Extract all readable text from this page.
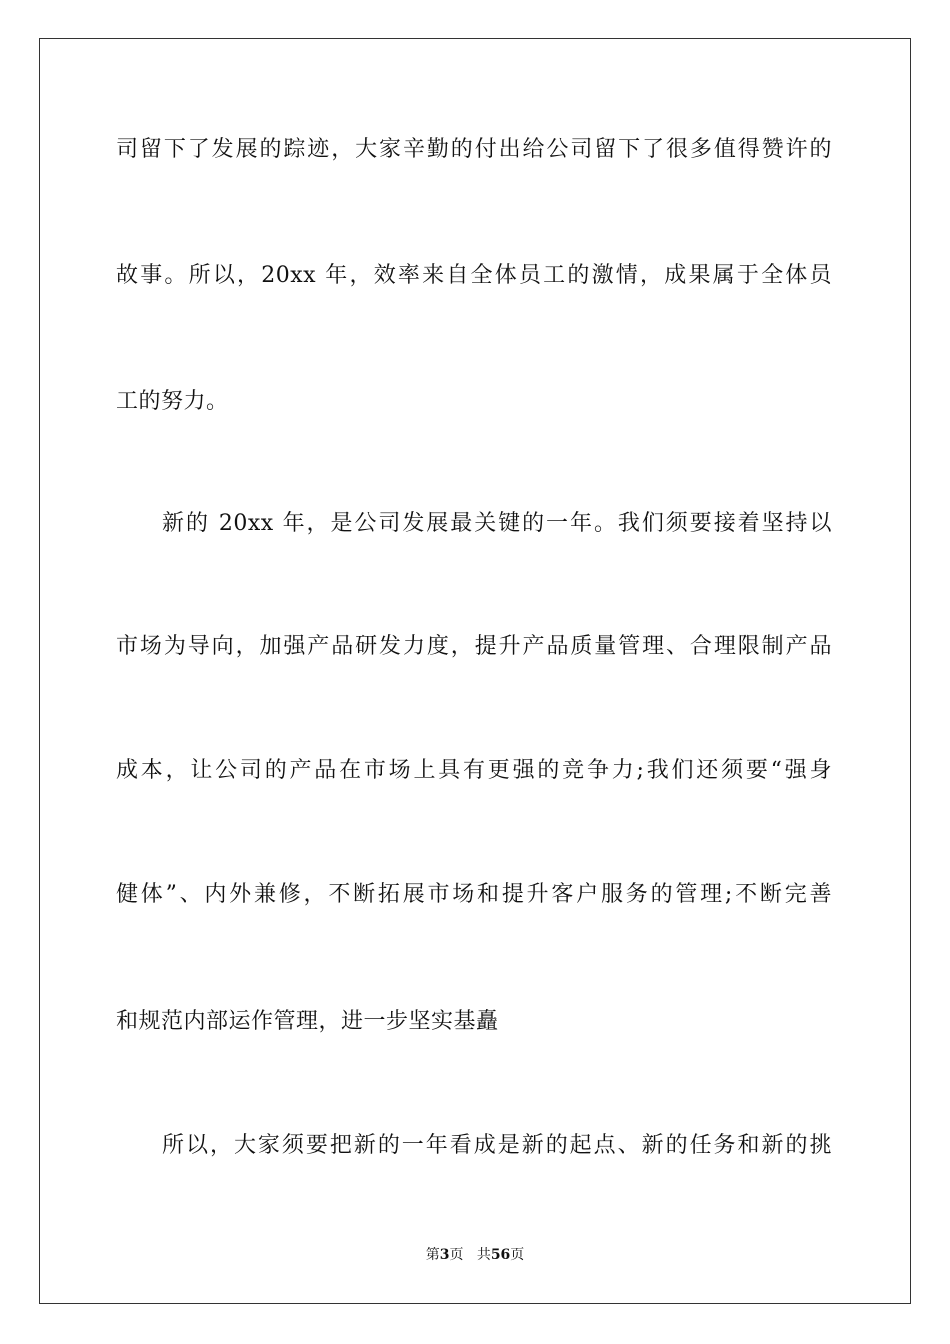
司留下了发展的踪迹，大家辛勤的付出给公司留下了很多值得赞许的
故事。所以，20xx 年，效率来自全体员工的激情，成果属于全体员
工的努力。
新的 20xx 年，是公司发展最关键的一年。我们须要接着坚持以
市场为导向，加强产品研发力度，提升产品质量管理、合理限制产品
成本，让公司的产品在市场上具有更强的竞争力;我们还须要“强身
健体”、内外兼修，不断拓展市场和提升客户服务的管理;不断完善
和规范内部运作管理，进一步坚实基矗
所以，大家须要把新的一年看成是新的起点、新的任务和新的挑
第3页 共56页
